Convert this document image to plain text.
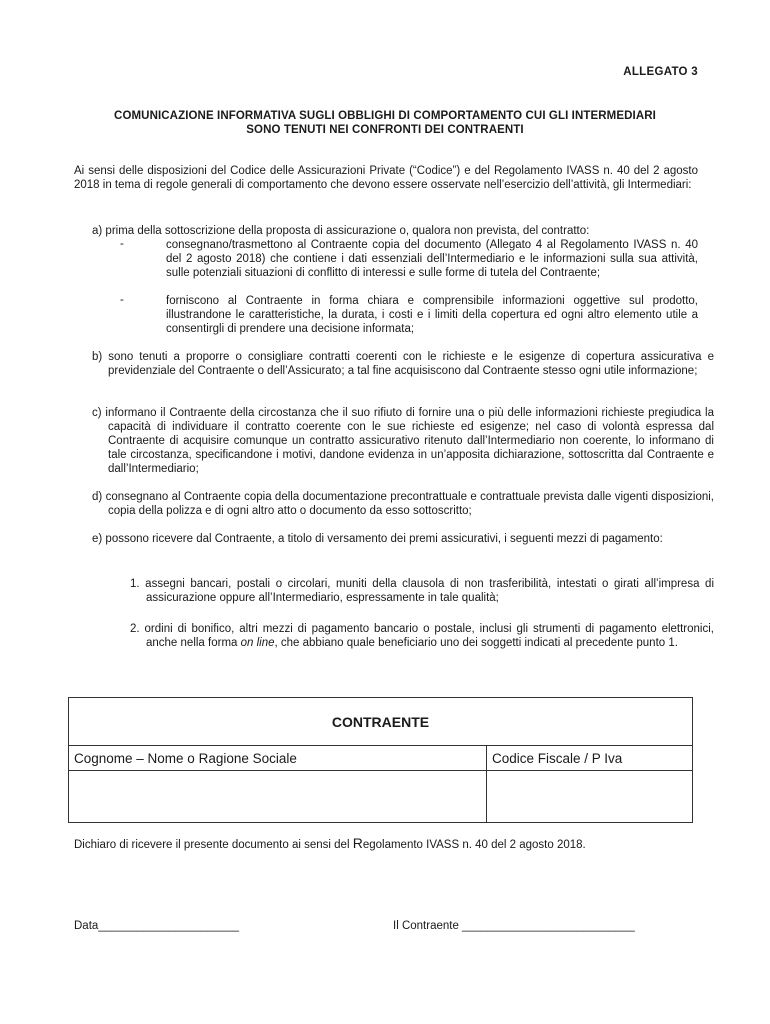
ALLEGATO 3
COMUNICAZIONE INFORMATIVA SUGLI OBBLIGHI DI COMPORTAMENTO CUI GLI INTERMEDIARI
SONO TENUTI NEI CONFRONTI DEI CONTRAENTI
Ai sensi delle disposizioni del Codice delle Assicurazioni Private (“Codice”) e del Regolamento IVASS n. 40 del 2 agosto 2018 in tema di regole generali di comportamento che devono essere osservate nell’esercizio dell’attività, gli Intermediari:
a) prima della sottoscrizione della proposta di assicurazione o, qualora non prevista, del contratto:
-	consegnano/trasmettono al Contraente copia del documento (Allegato 4 al Regolamento IVASS n. 40 del 2 agosto 2018) che contiene i dati essenziali dell’Intermediario e le informazioni sulla sua attività, sulle potenziali situazioni di conflitto di interessi e sulle forme di tutela del Contraente;
-	forniscono al Contraente in forma chiara e comprensibile informazioni oggettive sul prodotto, illustrandone le caratteristiche, la durata, i costi e i limiti della copertura ed ogni altro elemento utile a consentirgli di prendere una decisione informata;
b) sono tenuti a proporre o consigliare contratti coerenti con le richieste e le esigenze di copertura assicurativa e previdenziale del Contraente o dell’Assicurato; a tal fine acquisiscono dal Contraente stesso ogni utile informazione;
c) informano il Contraente della circostanza che il suo rifiuto di fornire una o più delle informazioni richieste pregiudica la capacità di individuare il contratto coerente con le sue richieste ed esigenze; nel caso di volontà espressa dal Contraente di acquisire comunque un contratto assicurativo ritenuto dall’Intermediario non coerente, lo informano di tale circostanza, specificandone i motivi, dandone evidenza in un’apposita dichiarazione, sottoscritta dal Contraente e dall’Intermediario;
d) consegnano al Contraente copia della documentazione precontrattuale e contrattuale prevista dalle vigenti disposizioni, copia della polizza e di ogni altro atto o documento da esso sottoscritto;
e) possono ricevere dal Contraente, a titolo di versamento dei premi assicurativi, i seguenti mezzi di pagamento:
1. assegni bancari, postali o circolari, muniti della clausola di non trasferibilità, intestati o girati all’impresa di assicurazione oppure all’Intermediario, espressamente in tale qualità;
2. ordini di bonifico, altri mezzi di pagamento bancario o postale, inclusi gli strumenti di pagamento elettronici, anche nella forma on line, che abbiano quale beneficiario uno dei soggetti indicati al precedente punto 1.
CONTRAENTE	
Cognome – Nome o Ragione Sociale	Codice Fiscale / P Iva

Dichiaro di ricevere il presente documento ai sensi del Regolamento IVASS n. 40 del 2 agosto 2018.
Data______________________	Il Contraente ___________________________
